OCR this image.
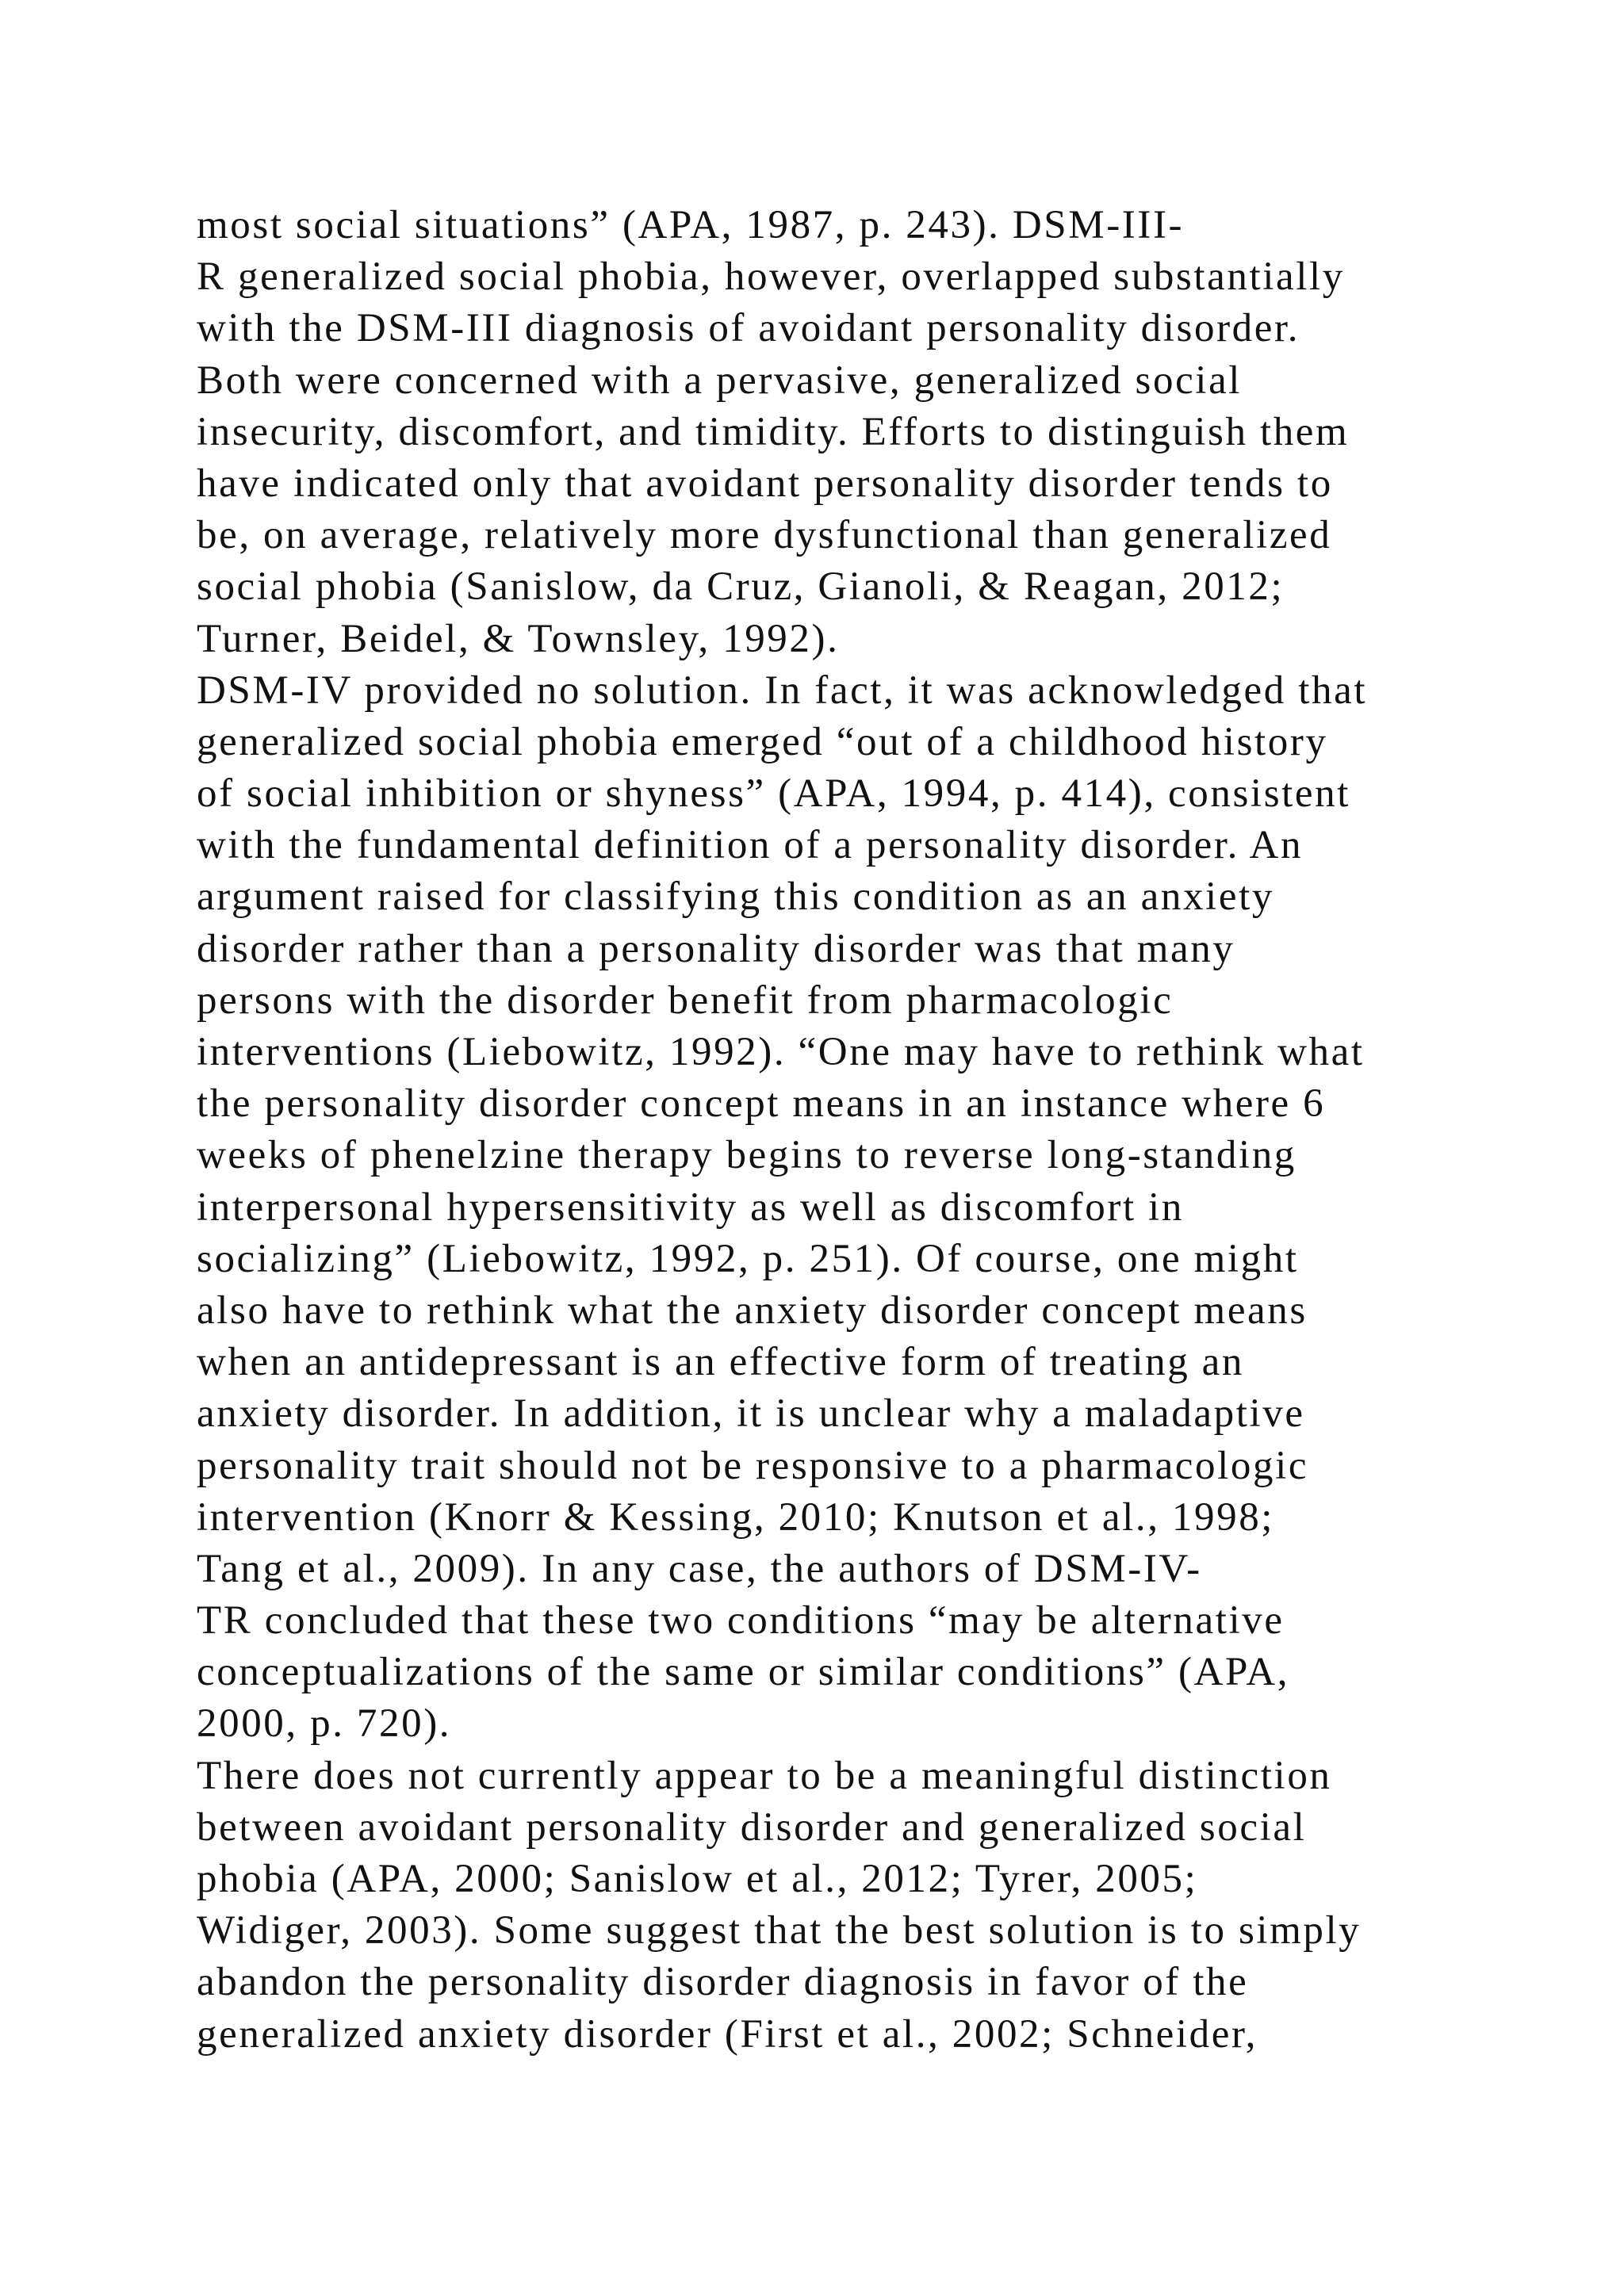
most social situations” (APA, 1987, p. 243). DSM-III-
R generalized social phobia, however, overlapped substantially
with the DSM-III diagnosis of avoidant personality disorder.
Both were concerned with a pervasive, generalized social
insecurity, discomfort, and timidity. Efforts to distinguish them
have indicated only that avoidant personality disorder tends to
be, on average, relatively more dysfunctional than generalized
social phobia (Sanislow, da Cruz, Gianoli, & Reagan, 2012;
Turner, Beidel, & Townsley, 1992).
DSM-IV provided no solution. In fact, it was acknowledged that
generalized social phobia emerged “out of a childhood history
of social inhibition or shyness” (APA, 1994, p. 414), consistent
with the fundamental definition of a personality disorder. An
argument raised for classifying this condition as an anxiety
disorder rather than a personality disorder was that many
persons with the disorder benefit from pharmacologic
interventions (Liebowitz, 1992). “One may have to rethink what
the personality disorder concept means in an instance where 6
weeks of phenelzine therapy begins to reverse long-standing
interpersonal hypersensitivity as well as discomfort in
socializing” (Liebowitz, 1992, p. 251). Of course, one might
also have to rethink what the anxiety disorder concept means
when an antidepressant is an effective form of treating an
anxiety disorder. In addition, it is unclear why a maladaptive
personality trait should not be responsive to a pharmacologic
intervention (Knorr & Kessing, 2010; Knutson et al., 1998;
Tang et al., 2009). In any case, the authors of DSM-IV-
TR concluded that these two conditions “may be alternative
conceptualizations of the same or similar conditions” (APA,
2000, p. 720).
There does not currently appear to be a meaningful distinction
between avoidant personality disorder and generalized social
phobia (APA, 2000; Sanislow et al., 2012; Tyrer, 2005;
Widiger, 2003). Some suggest that the best solution is to simply
abandon the personality disorder diagnosis in favor of the
generalized anxiety disorder (First et al., 2002; Schneider,
